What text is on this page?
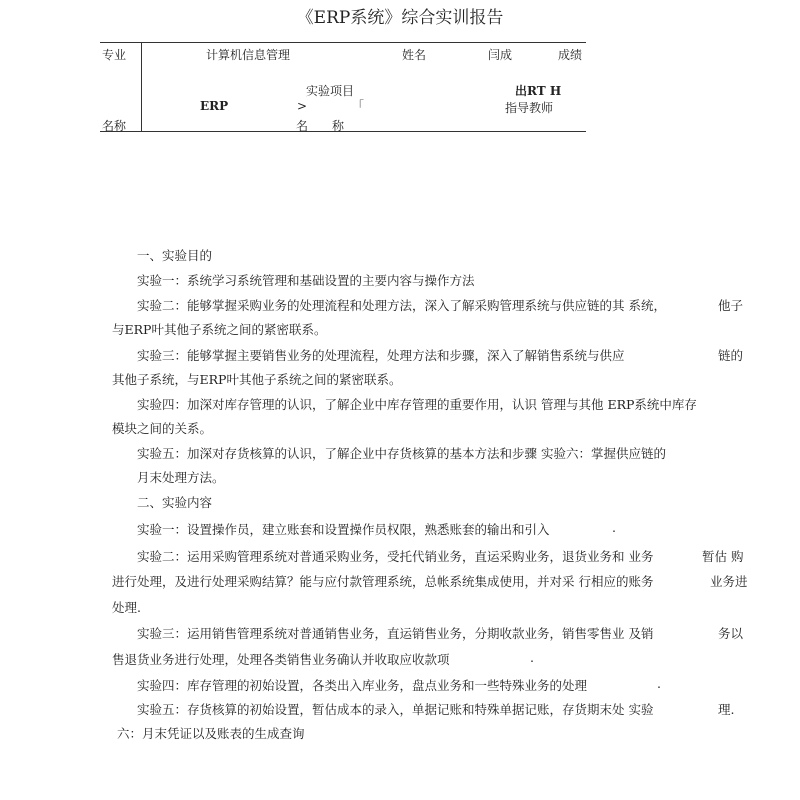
《ERP系统》综合实训报告
专业	计算机信息管理	姓名	闫成	成绩
实验项目	出RT H
ERP	>	「	指导教师
名称	名　　称
一、实验目的
实验一：系统学习系统管理和基础设置的主要内容与操作方法
实验二：能够掌握采购业务的处理流程和处理方法，深入了解采购管理系统与供应链的其 系统，	他子
与ERP叶其他子系统之间的紧密联系。
实验三：能够掌握主要销售业务的处理流程，处理方法和步骤，深入了解销售系统与供应	链的
其他子系统，与ERP叶其他子系统之间的紧密联系。
实验四：加深对库存管理的认识，了解企业中库存管理的重要作用，认识 管理与其他 ERP系统中库存
模块之间的关系。
实验五：加深对存货核算的认识，了解企业中存货核算的基本方法和步骤 实验六：掌握供应链的
月末处理方法。
二、实验内容
实验一：设置操作员，建立账套和设置操作员权限，熟悉账套的输出和引入	.
实验二：运用采购管理系统对普通采购业务，受托代销业务，直运采购业务，退货业务和 业务	暂估 购
进行处理，及进行处理采购结算？能与应付款管理系统，总帐系统集成使用，并对采 行相应的账务	业务进
处理.
实验三：运用销售管理系统对普通销售业务，直运销售业务，分期收款业务，销售零售业 及销	务以
售退货业务进行处理，处理各类销售业务确认并收取应收款项	.
实验四：库存管理的初始设置，各类出入库业务，盘点业务和一些特殊业务的处理	.
实验五：存货核算的初始设置，暂估成本的录入，单据记账和特殊单据记账，存货期末处 实验	理.
六：月末凭证以及账表的生成查询
